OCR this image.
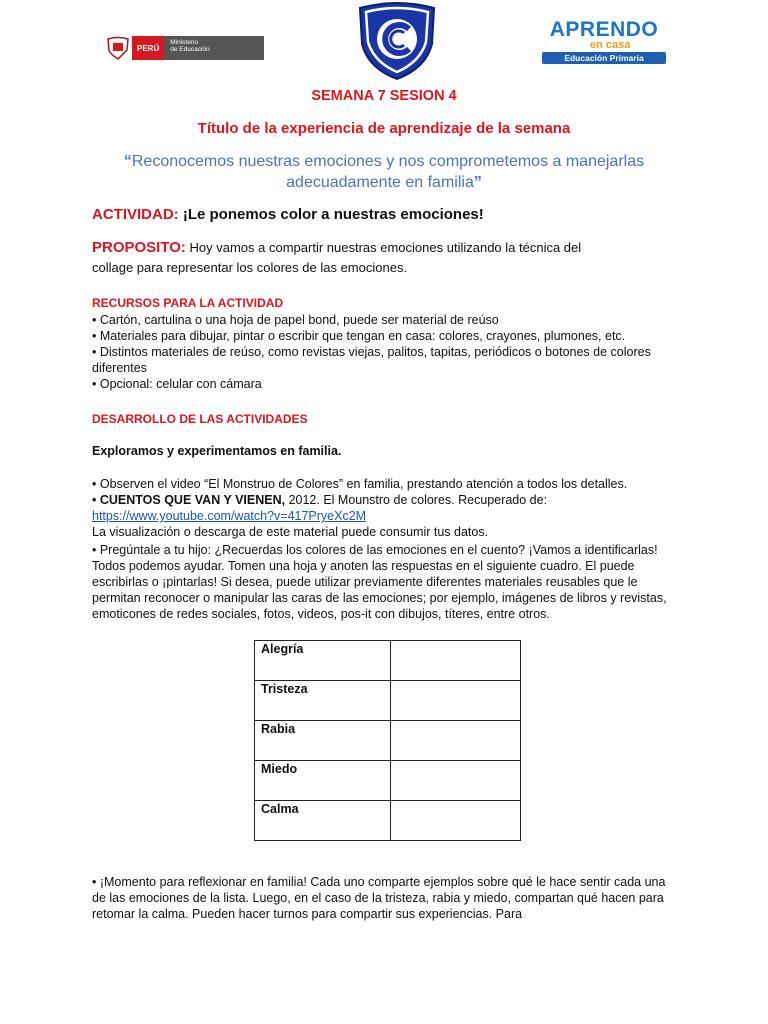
PERÚ
Ministerio
de Educación
APRENDO
en casa
Educación Primaria
SEMANA 7 SESION 4
Título de la experiencia de aprendizaje de la semana
“Reconocemos nuestras emociones y nos comprometemos a manejarlas
adecuadamente en familia”
ACTIVIDAD: ¡Le ponemos color a nuestras emociones!
PROPOSITO: Hoy vamos a compartir nuestras emociones utilizando la técnica del
collage para representar los colores de las emociones.
RECURSOS PARA LA ACTIVIDAD
• Cartón, cartulina o una hoja de papel bond, puede ser material de reúso
• Materiales para dibujar, pintar o escribir que tengan en casa: colores, crayones, plumones, etc.
• Distintos materiales de reúso, como revistas viejas, palitos, tapitas, periódicos o botones de colores diferentes
• Opcional: celular con cámara
DESARROLLO DE LAS ACTIVIDADES
Exploramos y experimentamos en familia.
• Observen el video “El Monstruo de Colores” en familia, prestando atención a todos los detalles.
• CUENTOS QUE VAN Y VIENEN, 2012. El Mounstro de colores. Recuperado de:
https://www.youtube.com/watch?v=417PryeXc2M
La visualización o descarga de este material puede consumir tus datos.
• Pregúntale a tu hijo: ¿Recuerdas los colores de las emociones en el cuento? ¡Vamos a identificarlas! Todos podemos ayudar. Tomen una hoja y anoten las respuestas en el siguiente cuadro. El puede escribirlas o ¡pintarlas! Si desea, puede utilizar previamente diferentes materiales reusables que le permitan reconocer o manipular las caras de las emociones; por ejemplo, imágenes de libros y revistas, emoticones de redes sociales, fotos, videos, pos-it con dibujos, títeres, entre otros.
Alegría	
Tristeza	
Rabia	
Miedo	
Calma	
• ¡Momento para reflexionar en familia! Cada uno comparte ejemplos sobre qué le hace sentir cada una de las emociones de la lista. Luego, en el caso de la tristeza, rabia y miedo, compartan qué hacen para retomar la calma. Pueden hacer turnos para compartir sus experiencias. Para
